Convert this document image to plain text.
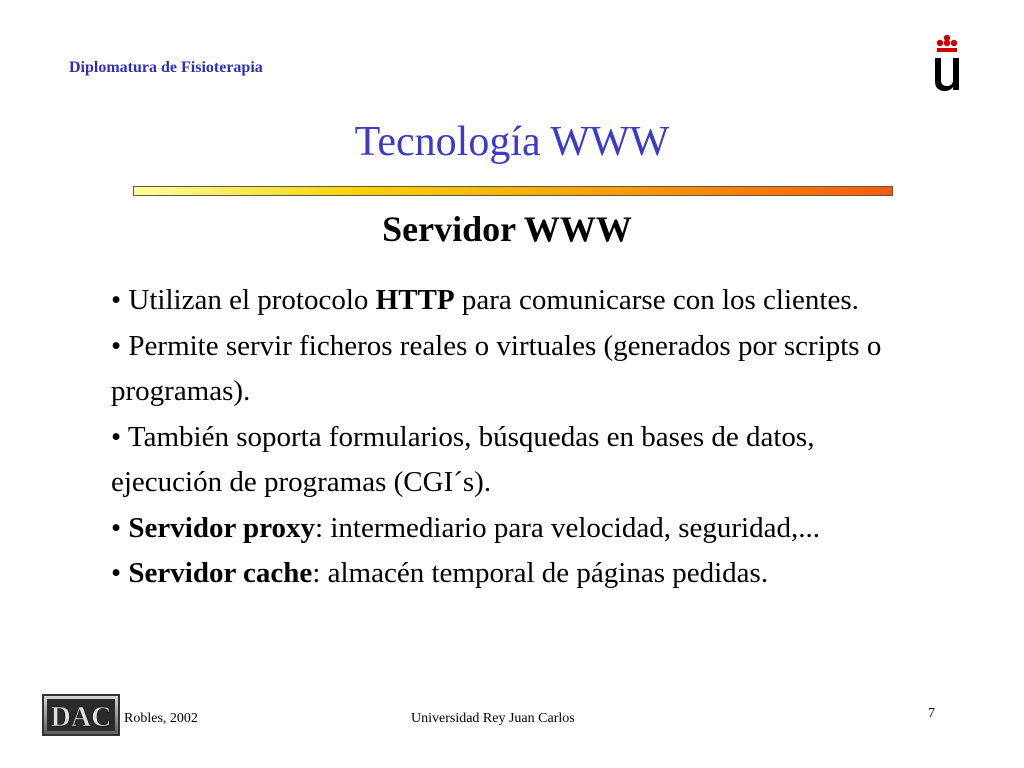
Diplomatura de Fisioterapia
Tecnología WWW
Servidor WWW
• Utilizan el protocolo HTTP para comunicarse con los clientes.
• Permite servir ficheros reales o virtuales (generados por scripts o programas).
• También soporta formularios, búsquedas en bases de datos, ejecución de programas (CGI´s).
• Servidor proxy: intermediario para velocidad, seguridad,...
• Servidor cache: almacén temporal de páginas pedidas.
DAC Robles, 2002	Universidad Rey Juan Carlos	7
